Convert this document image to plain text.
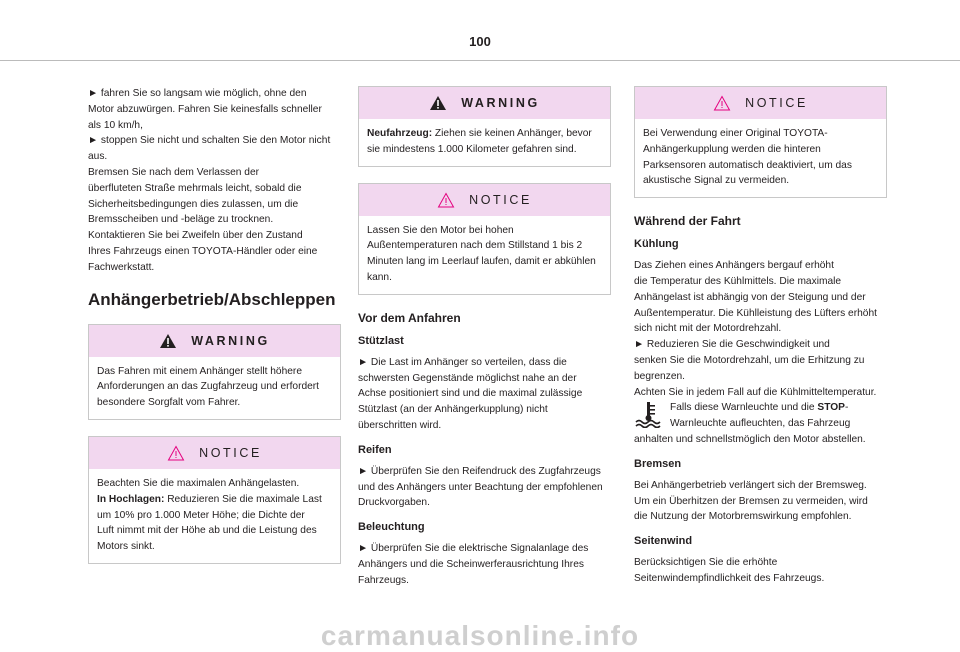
100

► fahren Sie so langsam wie möglich, ohne den
Motor abzuwürgen. Fahren Sie keinesfalls schneller
als 10 km/h,
► stoppen Sie nicht und schalten Sie den Motor nicht
aus.
Bremsen Sie nach dem Verlassen der
überfluteten Straße mehrmals leicht, sobald die
Sicherheitsbedingungen dies zulassen, um die
Bremsscheiben und -beläge zu trocknen.
Kontaktieren Sie bei Zweifeln über den Zustand
Ihres Fahrzeugs einen TOYOTA-Händler oder eine
Fachwerkstatt.

Anhängerbetrieb/Abschleppen
WARNING

Das Fahren mit einem Anhänger stellt höhere
Anforderungen an das Zugfahrzeug und erfordert
besondere Sorgfalt vom Fahrer.

NOTICE

Beachten Sie die maximalen Anhängelasten.
In Hochlagen: Reduzieren Sie die maximale Last
um 10% pro 1.000 Meter Höhe; die Dichte der
Luft nimmt mit der Höhe ab und die Leistung des
Motors sinkt.

WARNING

Neufahrzeug: Ziehen sie keinen Anhänger, bevor
sie mindestens 1.000 Kilometer gefahren sind.

NOTICE

Lassen Sie den Motor bei hohen
Außentemperaturen nach dem Stillstand 1 bis 2
Minuten lang im Leerlauf laufen, damit er abkühlen
kann.

Vor dem Anfahren
Stützlast

► Die Last im Anhänger so verteilen, dass die
schwersten Gegenstände möglichst nahe an der
Achse positioniert sind und die maximal zulässige
Stützlast (an der Anhängerkupplung) nicht
überschritten wird.

Reifen

► Überprüfen Sie den Reifendruck des Zugfahrzeugs
und des Anhängers unter Beachtung der empfohlenen
Druckvorgaben.

Beleuchtung

► Überprüfen Sie die elektrische Signalanlage des
Anhängers und die Scheinwerferausrichtung Ihres
Fahrzeugs.

NOTICE

Bei Verwendung einer Original TOYOTA-
Anhängerkupplung werden die hinteren
Parksensoren automatisch deaktiviert, um das
akustische Signal zu vermeiden.

Während der Fahrt
Kühlung

Das Ziehen eines Anhängers bergauf erhöht
die Temperatur des Kühlmittels. Die maximale
Anhängelast ist abhängig von der Steigung und der
Außentemperatur. Die Kühlleistung des Lüfters erhöht
sich nicht mit der Motordrehzahl.
► Reduzieren Sie die Geschwindigkeit und
senken Sie die Motordrehzahl, um die Erhitzung zu
begrenzen.
Achten Sie in jedem Fall auf die Kühlmitteltemperatur.

Falls diese Warnleuchte und die STOP-
Warnleuchte aufleuchten, das Fahrzeug

anhalten und schnellstmöglich den Motor abstellen.

Bremsen

Bei Anhängerbetrieb verlängert sich der Bremsweg.
Um ein Überhitzen der Bremsen zu vermeiden, wird
die Nutzung der Motorbremswirkung empfohlen.

Seitenwind

Berücksichtigen Sie die erhöhte
Seitenwindempfindlichkeit des Fahrzeugs.

carmanualsonline.info
